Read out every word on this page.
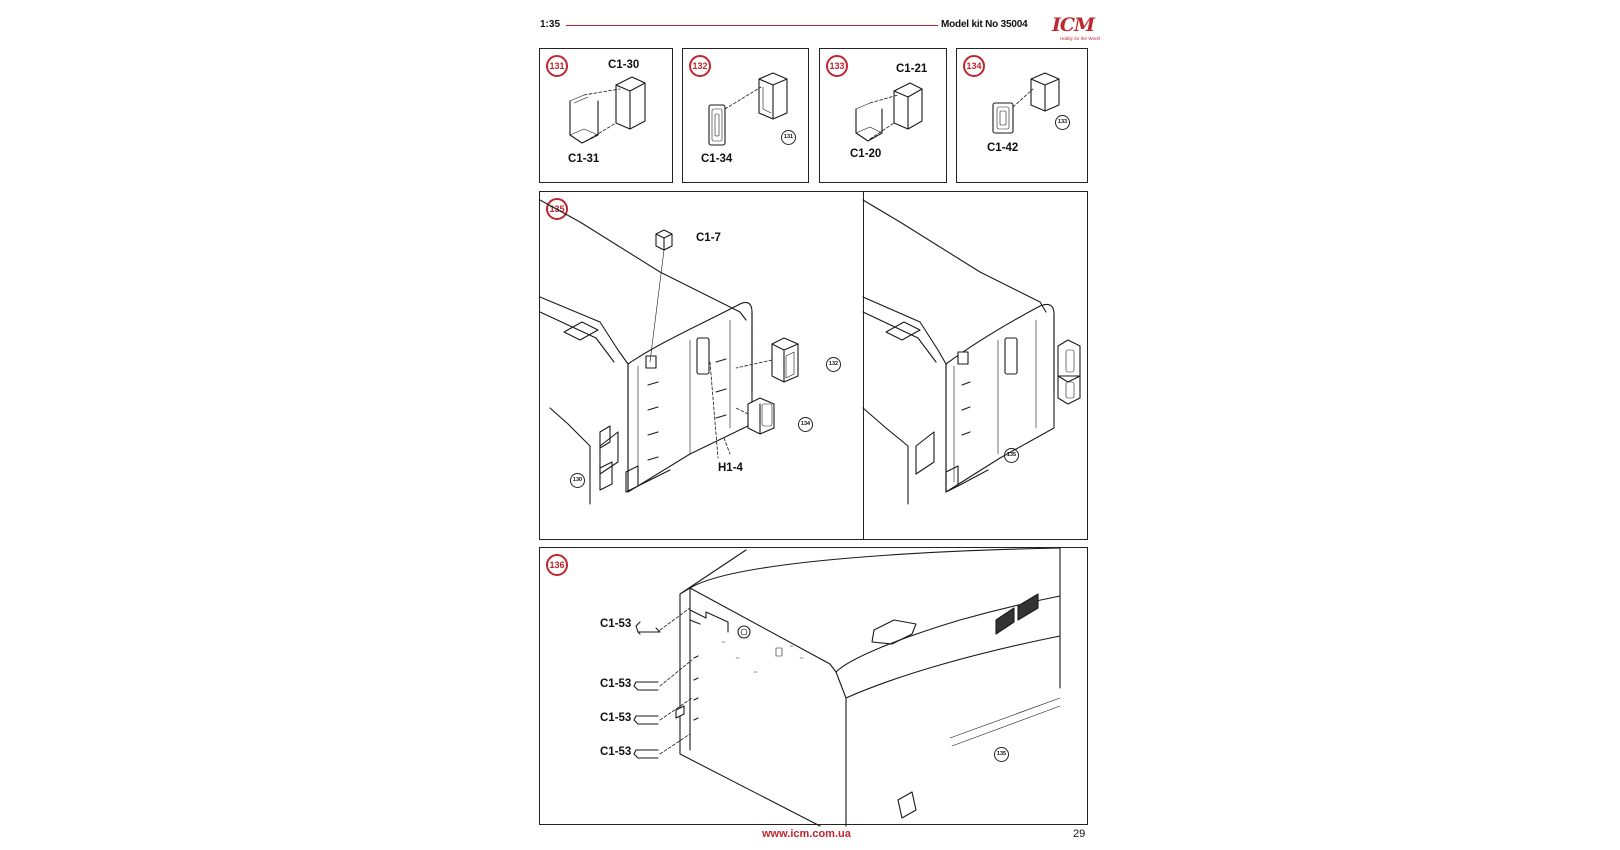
1:35	Model kit No 35004	ICM
Hobby for the World
131	C1-30
C1-31
132
C1-34
131
133	C1-21
C1-20
134
C1-42
133
135
C1-7
H1-4
132
134
130
135
136
C1-53
C1-53
C1-53
C1-53	135
www.icm.com.ua	29
